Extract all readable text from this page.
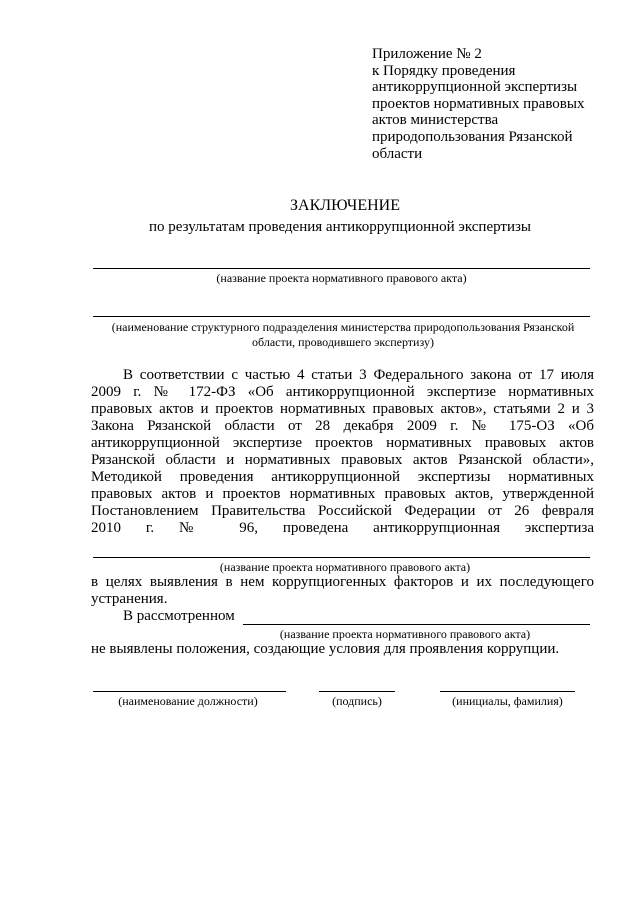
Приложение № 2
к Порядку проведения
антикоррупционной экспертизы
проектов нормативных правовых
актов министерства
природопользования Рязанской
области
ЗАКЛЮЧЕНИЕ
по результатам проведения антикоррупционной экспертизы
(название проекта нормативного правового акта)
(наименование структурного подразделения министерства природопользования Рязанской
области, проводившего экспертизу)
В соответствии с частью 4 статьи 3 Федерального закона от 17 июля
2009 г. № 172-ФЗ «Об антикоррупционной экспертизе нормативных
правовых актов и проектов нормативных правовых актов», статьями 2 и 3
Закона Рязанской области от 28 декабря 2009 г. № 175-ОЗ «Об
антикоррупционной экспертизе проектов нормативных правовых актов
Рязанской области и нормативных правовых актов Рязанской области»,
Методикой проведения антикоррупционной экспертизы нормативных
правовых актов и проектов нормативных правовых актов, утвержденной
Постановлением Правительства Российской Федерации от 26 февраля
2010 г. № 96, проведена антикоррупционная экспертиза
(название проекта нормативного правового акта)
в целях выявления в нем коррупциогенных факторов и их последующего
устранения.
В рассмотренном
(название проекта нормативного правового акта)
не выявлены положения, создающие условия для проявления коррупции.
(наименование должности)	(подпись)	(инициалы, фамилия)
